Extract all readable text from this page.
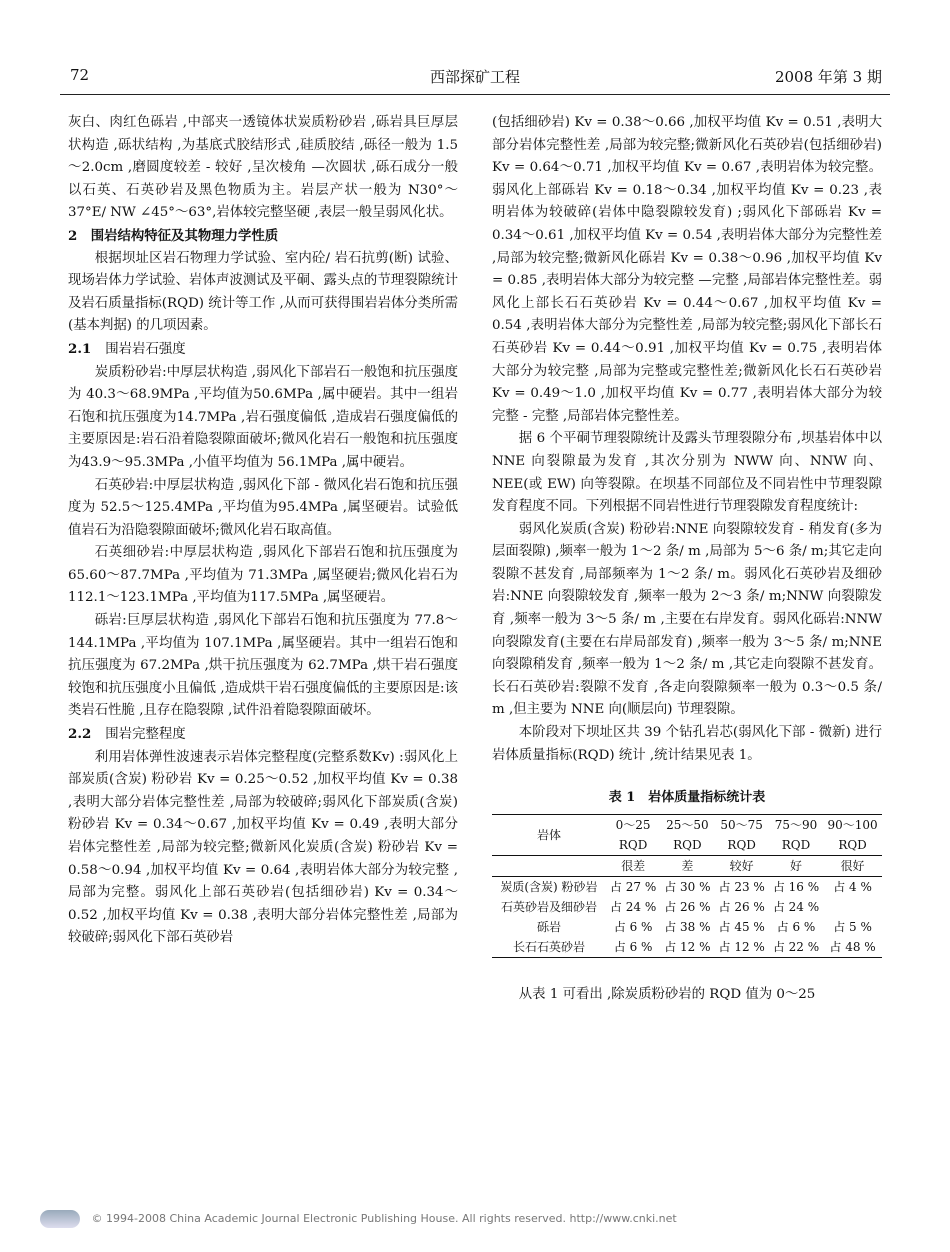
72	西部探矿工程	2008 年第 3 期

灰白、肉红色砾岩 ,中部夹一透镜体状炭质粉砂岩 ,砾岩具巨厚层状构造 ,砾状结构 ,为基底式胶结形式 ,硅质胶结 ,砾径一般为 1.5～2.0cm ,磨圆度较差 - 较好 ,呈次棱角 —次圆状 ,砾石成分一般以石英、石英砂岩及黑色物质为主。岩层产状一般为 N30°～37°E/ NW ∠45°～63°,岩体较完整坚硬 ,表层一般呈弱风化状。

2　围岩结构特征及其物理力学性质

根据坝址区岩石物理力学试验、室内砼/ 岩石抗剪(断) 试验、现场岩体力学试验、岩体声波测试及平硐、露头点的节理裂隙统计及岩石质量指标(RQD) 统计等工作 ,从而可获得围岩岩体分类所需(基本判据) 的几项因素。

2.1 围岩岩石强度

炭质粉砂岩:中厚层状构造 ,弱风化下部岩石一般饱和抗压强度为 40.3～68.9MPa ,平均值为50.6MPa ,属中硬岩。其中一组岩石饱和抗压强度为14.7MPa ,岩石强度偏低 ,造成岩石强度偏低的主要原因是:岩石沿着隐裂隙面破坏;微风化岩石一般饱和抗压强度为43.9～95.3MPa ,小值平均值为 56.1MPa ,属中硬岩。

石英砂岩:中厚层状构造 ,弱风化下部 - 微风化岩石饱和抗压强度为 52.5～125.4MPa ,平均值为95.4MPa ,属坚硬岩。试验低值岩石为沿隐裂隙面破坏;微风化岩石取高值。

石英细砂岩:中厚层状构造 ,弱风化下部岩石饱和抗压强度为 65.60～87.7MPa ,平均值为 71.3MPa ,属坚硬岩;微风化岩石为 112.1～123.1MPa ,平均值为117.5MPa ,属坚硬岩。

砾岩:巨厚层状构造 ,弱风化下部岩石饱和抗压强度为 77.8～144.1MPa ,平均值为 107.1MPa ,属坚硬岩。其中一组岩石饱和抗压强度为 67.2MPa ,烘干抗压强度为 62.7MPa ,烘干岩石强度较饱和抗压强度小且偏低 ,造成烘干岩石强度偏低的主要原因是:该类岩石性脆 ,且存在隐裂隙 ,试件沿着隐裂隙面破坏。

2.2 围岩完整程度

利用岩体弹性波速表示岩体完整程度(完整系数Kv) :弱风化上部炭质(含炭) 粉砂岩 Kv = 0.25～0.52 ,加权平均值 Kv = 0.38 ,表明大部分岩体完整性差 ,局部为较破碎;弱风化下部炭质(含炭) 粉砂岩 Kv = 0.34～0.67 ,加权平均值 Kv = 0.49 ,表明大部分岩体完整性差 ,局部为较完整;微新风化炭质(含炭) 粉砂岩 Kv = 0.58～0.94 ,加权平均值 Kv = 0.64 ,表明岩体大部分为较完整 ,局部为完整。弱风化上部石英砂岩(包括细砂岩) Kv = 0.34～0.52 ,加权平均值 Kv = 0.38 ,表明大部分岩体完整性差 ,局部为较破碎;弱风化下部石英砂岩

(包括细砂岩) Kv = 0.38～0.66 ,加权平均值 Kv = 0.51 ,表明大部分岩体完整性差 ,局部为较完整;微新风化石英砂岩(包括细砂岩) Kv = 0.64～0.71 ,加权平均值 Kv = 0.67 ,表明岩体为较完整。弱风化上部砾岩 Kv = 0.18～0.34 ,加权平均值 Kv = 0.23 ,表明岩体为较破碎(岩体中隐裂隙较发育) ;弱风化下部砾岩 Kv = 0.34～0.61 ,加权平均值 Kv = 0.54 ,表明岩体大部分为完整性差 ,局部为较完整;微新风化砾岩 Kv = 0.38～0.96 ,加权平均值 Kv = 0.85 ,表明岩体大部分为较完整 —完整 ,局部岩体完整性差。弱风化上部长石石英砂岩 Kv = 0.44～0.67 ,加权平均值 Kv = 0.54 ,表明岩体大部分为完整性差 ,局部为较完整;弱风化下部长石石英砂岩 Kv = 0.44～0.91 ,加权平均值 Kv = 0.75 ,表明岩体大部分为较完整 ,局部为完整或完整性差;微新风化长石石英砂岩 Kv = 0.49～1.0 ,加权平均值 Kv = 0.77 ,表明岩体大部分为较完整 - 完整 ,局部岩体完整性差。

据 6 个平硐节理裂隙统计及露头节理裂隙分布 ,坝基岩体中以 NNE 向裂隙最为发育 ,其次分别为 NWW 向、NNW 向、NEE(或 EW) 向等裂隙。在坝基不同部位及不同岩性中节理裂隙发育程度不同。下列根据不同岩性进行节理裂隙发育程度统计:

弱风化炭质(含炭) 粉砂岩:NNE 向裂隙较发育 - 稍发育(多为层面裂隙) ,频率一般为 1～2 条/ m ,局部为 5～6 条/ m;其它走向裂隙不甚发育 ,局部频率为 1～2 条/ m。弱风化石英砂岩及细砂岩:NNE 向裂隙较发育 ,频率一般为 2～3 条/ m;NNW 向裂隙发育 ,频率一般为 3～5 条/ m ,主要在右岸发育。弱风化砾岩:NNW 向裂隙发育(主要在右岸局部发育) ,频率一般为 3～5 条/ m;NNE 向裂隙稍发育 ,频率一般为 1～2 条/ m ,其它走向裂隙不甚发育。长石石英砂岩:裂隙不发育 ,各走向裂隙频率一般为 0.3～0.5 条/ m ,但主要为 NNE 向(顺层向) 节理裂隙。

本阶段对下坝址区共 39 个钻孔岩芯(弱风化下部 - 微新) 进行岩体质量指标(RQD) 统计 ,统计结果见表 1。

表 1　岩体质量指标统计表
岩体	0～25	25～50	50～75	75～90	90～100
	RQD	RQD	RQD	RQD	RQD
	很差	差	较好	好	很好
炭质(含炭) 粉砂岩	占 27 %	占 30 %	占 23 %	占 16 %	占 4 %
石英砂岩及细砂岩	占 24 %	占 26 %	占 26 %	占 24 %	
砾岩	占 6 %	占 38 %	占 45 %	占 6 %	占 5 %
长石石英砂岩	占 6 %	占 12 %	占 12 %	占 22 %	占 48 %

从表 1 可看出 ,除炭质粉砂岩的 RQD 值为 0～25

© 1994-2008 China Academic Journal Electronic Publishing House. All rights reserved. http://www.cnki.net
